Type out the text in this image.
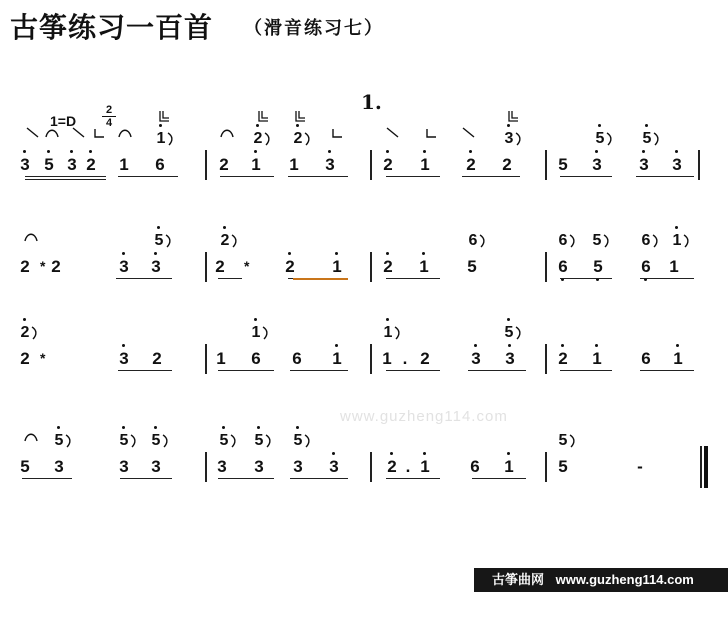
古筝练习一百首 （滑音练习七）
1.
1=D
2
4
3 5 3 2 1 6	2 1 1 3	2 1 2 2	5 3 3 3
1	2 2	3	5 5
2 2	3 3	2	2 1 2 1 5	6 5 6 1
5	2	6	6 5	6 1
*	*
2	3 2	1 6 6 1 1 . 2 3 3	2 1 6 1
2	1	1	5
*
5 3	3 3	3 3 3 3	2 . 1 6 1	5	-
5	5 5	5 5 5	5
www.guzheng114.com
古筝曲网 www.guzheng114.com
